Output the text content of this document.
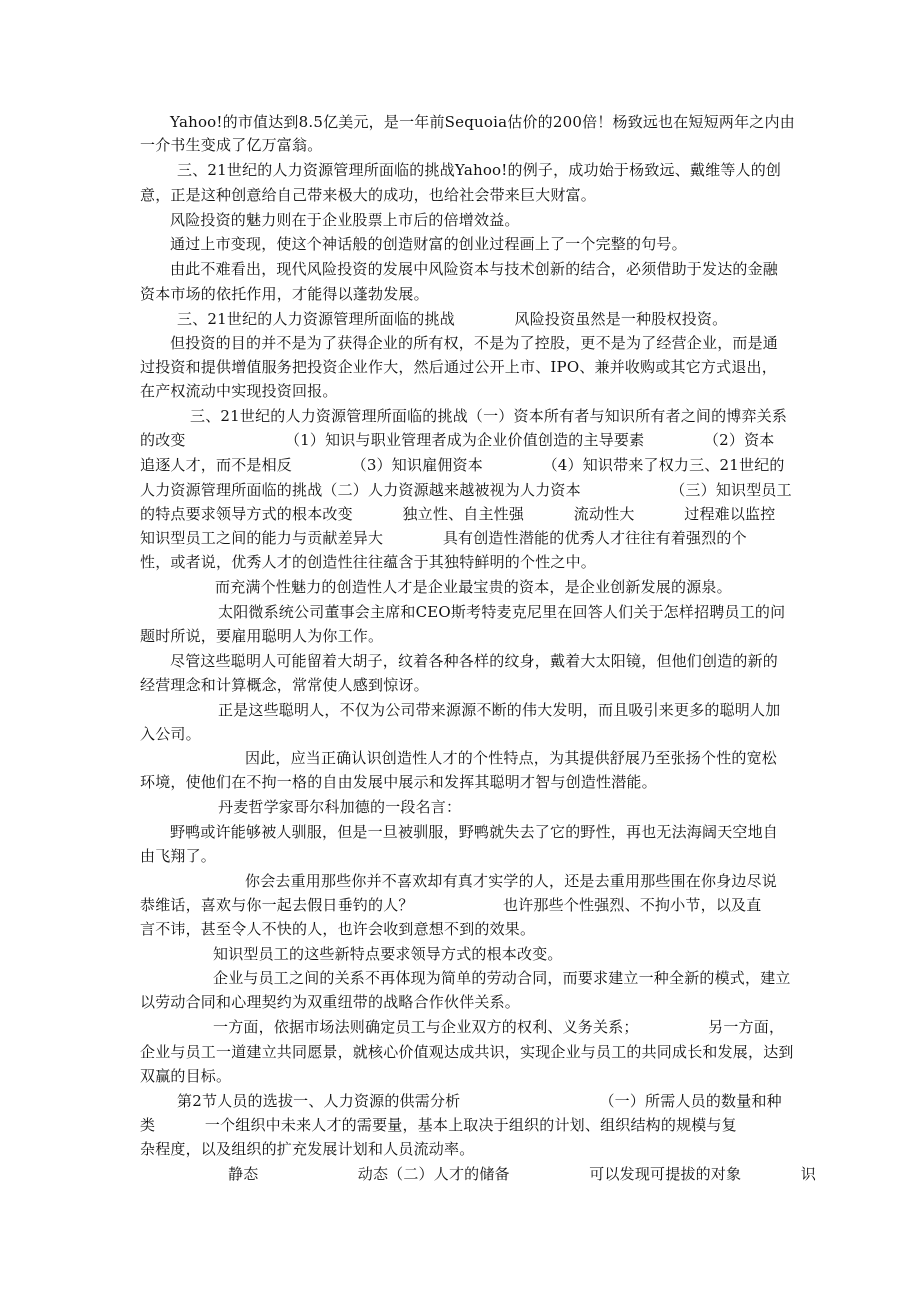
Yahoo!的市值达到8.5亿美元，是一年前Sequoia估价的200倍！杨致远也在短短两年之内由
一介书生变成了亿万富翁。
三、21世纪的人力资源管理所面临的挑战Yahoo!的例子，成功始于杨致远、戴维等人的创
意，正是这种创意给自己带来极大的成功，也给社会带来巨大财富。
风险投资的魅力则在于企业股票上市后的倍增效益。
通过上市变现，使这个神话般的创造财富的创业过程画上了一个完整的句号。
由此不难看出，现代风险投资的发展中风险资本与技术创新的结合，必须借助于发达的金融
资本市场的依托作用，才能得以蓬勃发展。
三、21世纪的人力资源管理所面临的挑战            风险投资虽然是一种股权投资。
但投资的目的并不是为了获得企业的所有权，不是为了控股，更不是为了经营企业，而是通
过投资和提供增值服务把投资企业作大，然后通过公开上市、IPO、兼并收购或其它方式退出，
在产权流动中实现投资回报。
三、21世纪的人力资源管理所面临的挑战（一）资本所有者与知识所有者之间的博弈关系
的改变                    （1）知识与职业管理者成为企业价值创造的主导要素            （2）资本
追逐人才，而不是相反            （3）知识雇佣资本            （4）知识带来了权力三、21世纪的
人力资源管理所面临的挑战（二）人力资源越来越被视为人力资本                  （三）知识型员工
的特点要求领导方式的根本改变          独立性、自主性强          流动性大          过程难以监控
知识型员工之间的能力与贡献差异大            具有创造性潜能的优秀人才往往有着强烈的个
性，或者说，优秀人才的创造性往往蕴含于其独特鲜明的个性之中。
而充满个性魅力的创造性人才是企业最宝贵的资本，是企业创新发展的源泉。
太阳微系统公司董事会主席和CEO斯考特麦克尼里在回答人们关于怎样招聘员工的问
题时所说，要雇用聪明人为你工作。
尽管这些聪明人可能留着大胡子，纹着各种各样的纹身，戴着大太阳镜，但他们创造的新的
经营理念和计算概念，常常使人感到惊讶。
正是这些聪明人，不仅为公司带来源源不断的伟大发明，而且吸引来更多的聪明人加
入公司。
因此，应当正确认识创造性人才的个性特点，为其提供舒展乃至张扬个性的宽松
环境，使他们在不拘一格的自由发展中展示和发挥其聪明才智与创造性潜能。
丹麦哲学家哥尔科加德的一段名言：
野鸭或许能够被人驯服，但是一旦被驯服，野鸭就失去了它的野性，再也无法海阔天空地自
由飞翔了。
你会去重用那些你并不喜欢却有真才实学的人，还是去重用那些围在你身边尽说
恭维话，喜欢与你一起去假日垂钓的人？                  也许那些个性强烈、不拘小节，以及直
言不讳，甚至令人不快的人，也许会收到意想不到的效果。
知识型员工的这些新特点要求领导方式的根本改变。
企业与员工之间的关系不再体现为简单的劳动合同，而要求建立一种全新的模式，建立
以劳动合同和心理契约为双重纽带的战略合作伙伴关系。
一方面，依据市场法则确定员工与企业双方的权利、义务关系；              另一方面，
企业与员工一道建立共同愿景，就核心价值观达成共识，实现企业与员工的共同成长和发展，达到
双赢的目标。
第2节人员的选拔一、人力资源的供需分析                            （一）所需人员的数量和种
类          一个组织中未来人才的需要量，基本上取决于组织的计划、组织结构的规模与复
杂程度，以及组织的扩充发展计划和人员流动率。
静态                    动态（二）人才的储备                可以发现可提拔的对象            识
